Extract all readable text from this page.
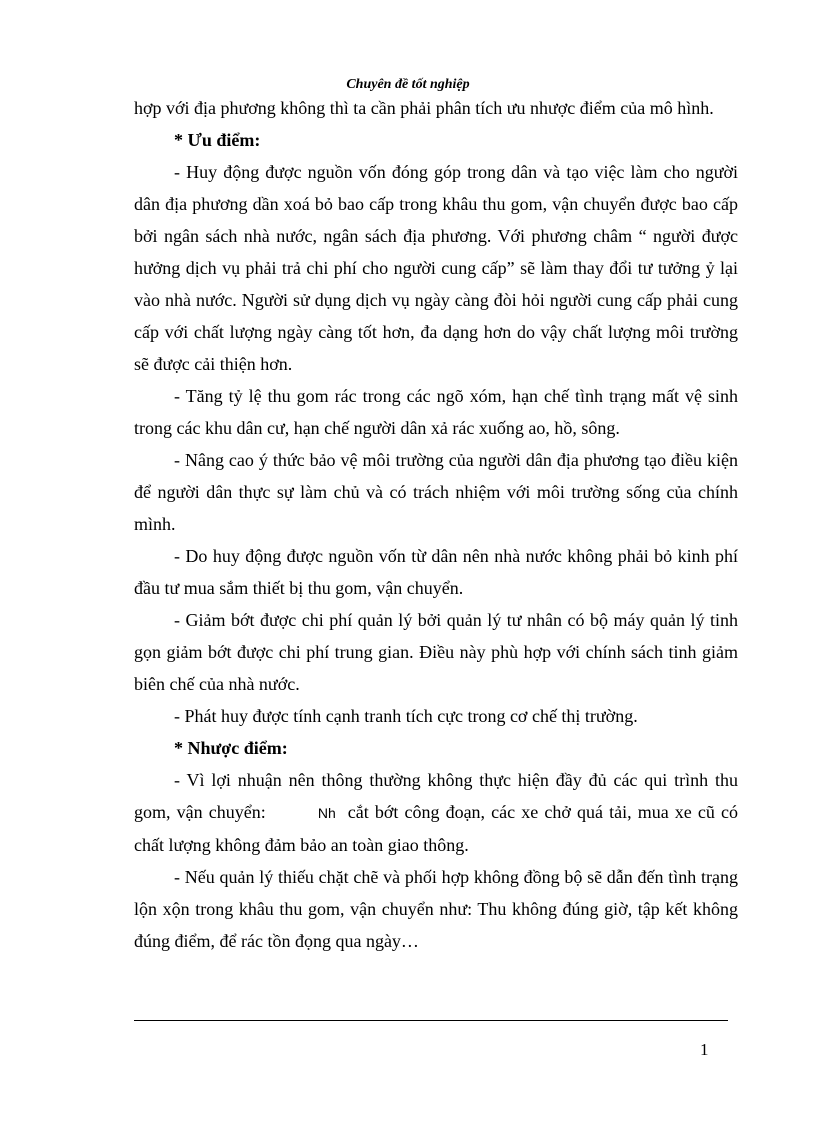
Chuyên đề tốt nghiệp

hợp với địa phương không thì ta cần phải phân tích ưu nhược điểm của mô hình.

* Ưu điểm:

- Huy động được nguồn vốn đóng góp trong dân và tạo việc làm cho người dân địa phương dần xoá bỏ bao cấp trong khâu thu gom, vận chuyển được bao cấp bởi ngân sách nhà nước, ngân sách địa phương. Với phương châm “ người được hưởng dịch vụ phải trả chi phí cho người cung cấp” sẽ làm thay đổi tư tưởng ỷ lại vào nhà nước. Người sử dụng dịch vụ ngày càng đòi hỏi người cung cấp phải cung cấp với chất lượng ngày càng tốt hơn, đa dạng hơn do vậy chất lượng môi trường sẽ được cải thiện hơn.

- Tăng tỷ lệ thu gom rác trong các ngõ xóm, hạn chế tình trạng mất vệ sinh trong các khu dân cư, hạn chế người dân xả rác xuống ao, hồ, sông.

- Nâng cao ý thức bảo vệ môi trường của người dân địa phương tạo điều kiện để người dân thực sự làm chủ và có trách nhiệm với môi trường sống của chính mình.

- Do huy động được nguồn vốn từ dân nên nhà nước không phải bỏ kinh phí đầu tư mua sắm thiết bị thu gom, vận chuyển.

- Giảm bớt được chi phí quản lý bởi quản lý tư nhân có bộ máy quản lý tinh gọn giảm bớt được chi phí trung gian. Điều này phù hợp với chính sách tinh giảm biên chế của nhà nước.

- Phát huy được tính cạnh tranh tích cực trong cơ chế thị trường.

* Nhược điểm:

- Vì lợi nhuận nên thông thường không thực hiện đầy đủ các qui trình thu gom, vận chuyển:	Nh cắt bớt công đoạn, các xe chở quá tải, mua xe cũ có chất lượng không đảm bảo an toàn giao thông.

- Nếu quản lý thiếu chặt chẽ và phối hợp không đồng bộ sẽ dẫn đến tình trạng lộn xộn trong khâu thu gom, vận chuyển như: Thu không đúng giờ, tập kết không đúng điểm, để rác tồn đọng qua ngày…

1
